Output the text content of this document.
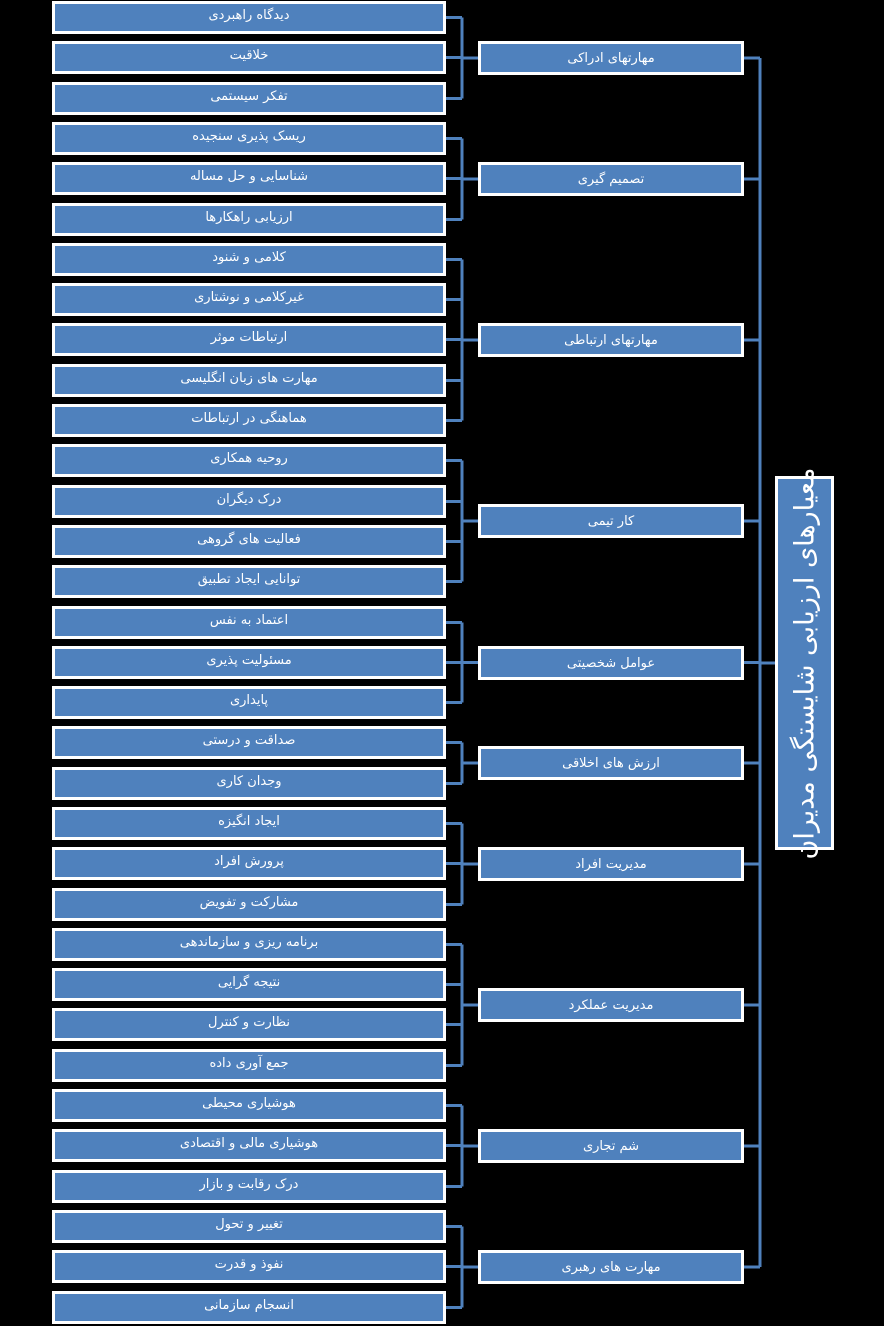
معیارهای ارزیابی شایستگی مدیران
دیدگاه راهبردی
خلاقیت
تفکر سیستمی
مهارتهای ادراکی
ریسک پذیری سنجیده
شناسایی و حل مساله
ارزیابی راهکارها
تصمیم گیری
کلامی و شنود
غیرکلامی و نوشتاری
ارتباطات موثر
مهارت های زبان انگلیسی
هماهنگی در ارتباطات
مهارتهای ارتباطی
روحیه همکاری
درک دیگران
فعالیت های گروهی
توانایی ایجاد تطبیق
کار تیمی
اعتماد به نفس
مسئولیت پذیری
پایداری
عوامل شخصیتی
صداقت و درستی
وجدان کاری
ارزش های اخلاقی
ایجاد انگیزه
پرورش افراد
مشارکت و تفویض
مدیریت افراد
برنامه ریزی و سازماندهی
نتیجه گرایی
نظارت و کنترل
جمع آوری داده
مدیریت عملکرد
هوشیاری محیطی
هوشیاری مالی و اقتصادی
درک رقابت و بازار
شم تجاری
تغییر و تحول
نفوذ و قدرت
انسجام سازمانی
مهارت های رهبری
